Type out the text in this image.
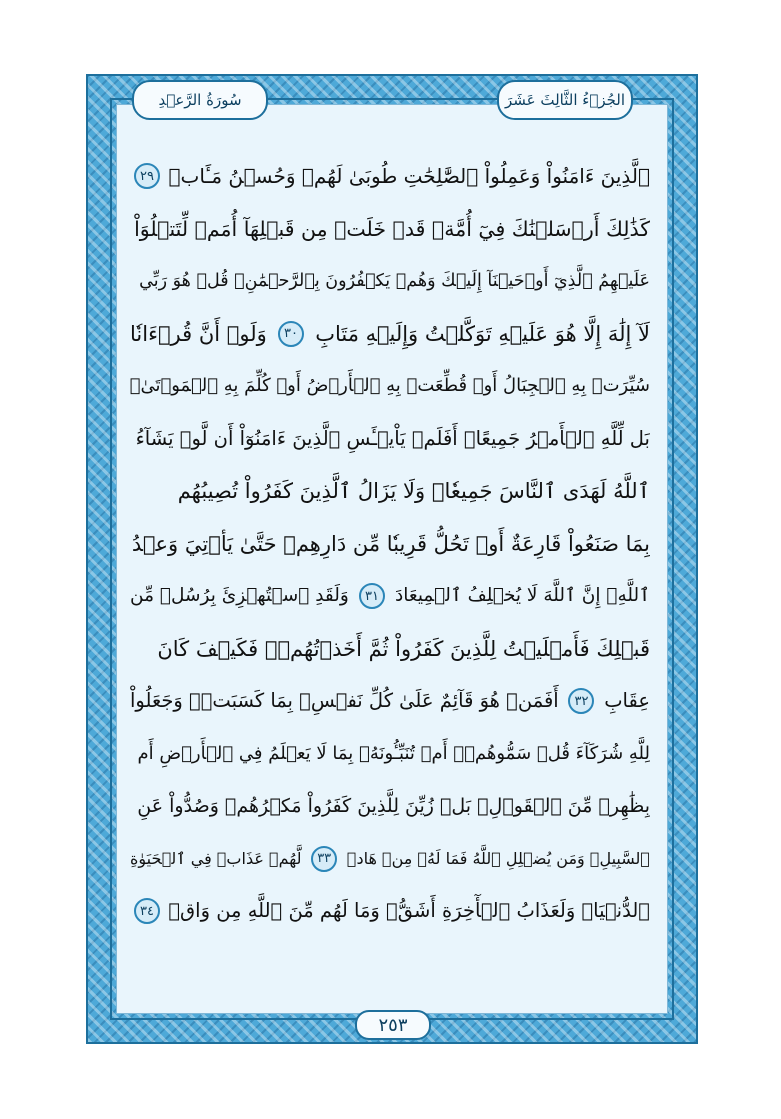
سُورَةُ الرَّعۡدِ	الجُزۡءُ الثَّالِثَ عَشَرَ
ٱلَّذِينَ ءَامَنُواْ وَعَمِلُواْ ٱلصَّٰلِحَٰتِ طُوبَىٰ لَهُمۡ وَحُسۡنُ مَـَٔابٖ
٢٩
كَذَٰلِكَ أَرۡسَلۡنَٰكَ فِيٓ أُمَّةٖ قَدۡ خَلَتۡ مِن قَبۡلِهَآ أُمَمٞ لِّتَتۡلُوَاْ
عَلَيۡهِمُ ٱلَّذِيٓ أَوۡحَيۡنَآ إِلَيۡكَ وَهُمۡ يَكۡفُرُونَ بِٱلرَّحۡمَٰنِۚ قُلۡ هُوَ رَبِّي
لَآ إِلَٰهَ إِلَّا هُوَ عَلَيۡهِ تَوَكَّلۡتُ وَإِلَيۡهِ مَتَابِ
٣٠
وَلَوۡ أَنَّ قُرۡءَانٗا
سُيِّرَتۡ بِهِ ٱلۡجِبَالُ أَوۡ قُطِّعَتۡ بِهِ ٱلۡأَرۡضُ أَوۡ كُلِّمَ بِهِ ٱلۡمَوۡتَىٰۗ
بَل لِّلَّهِ ٱلۡأَمۡرُ جَمِيعًاۗ أَفَلَمۡ يَاْيۡـَٔسِ ٱلَّذِينَ ءَامَنُوٓاْ أَن لَّوۡ يَشَآءُ
ٱللَّهُ لَهَدَى ٱلنَّاسَ جَمِيعٗاۗ وَلَا يَزَالُ ٱلَّذِينَ كَفَرُواْ تُصِيبُهُم
بِمَا صَنَعُواْ قَارِعَةٌ أَوۡ تَحُلُّ قَرِيبٗا مِّن دَارِهِمۡ حَتَّىٰ يَأۡتِيَ وَعۡدُ
ٱللَّهِۚ إِنَّ ٱللَّهَ لَا يُخۡلِفُ ٱلۡمِيعَادَ
٣١
وَلَقَدِ ٱسۡتُهۡزِئَ بِرُسُلٖ مِّن
قَبۡلِكَ فَأَمۡلَيۡتُ لِلَّذِينَ كَفَرُواْ ثُمَّ أَخَذۡتُهُمۡۖ فَكَيۡفَ كَانَ
عِقَابِ
٣٢
أَفَمَنۡ هُوَ قَآئِمٌ عَلَىٰ كُلِّ نَفۡسِۭ بِمَا كَسَبَتۡۗ وَجَعَلُواْ
لِلَّهِ شُرَكَآءَ قُلۡ سَمُّوهُمۡۚ أَمۡ تُنَبِّـُٔونَهُۥ بِمَا لَا يَعۡلَمُ فِي ٱلۡأَرۡضِ أَم
بِظَٰهِرٖ مِّنَ ٱلۡقَوۡلِۗ بَلۡ زُيِّنَ لِلَّذِينَ كَفَرُواْ مَكۡرُهُمۡ وَصُدُّواْ عَنِ
ٱلسَّبِيلِۗ وَمَن يُضۡلِلِ ٱللَّهُ فَمَا لَهُۥ مِنۡ هَادٖ
٣٣
لَّهُمۡ عَذَابٞ فِي ٱلۡحَيَوٰةِ
ٱلدُّنۡيَاۖ وَلَعَذَابُ ٱلۡأٓخِرَةِ أَشَقُّۖ وَمَا لَهُم مِّنَ ٱللَّهِ مِن وَاقٖ
٣٤
٢٥٣
